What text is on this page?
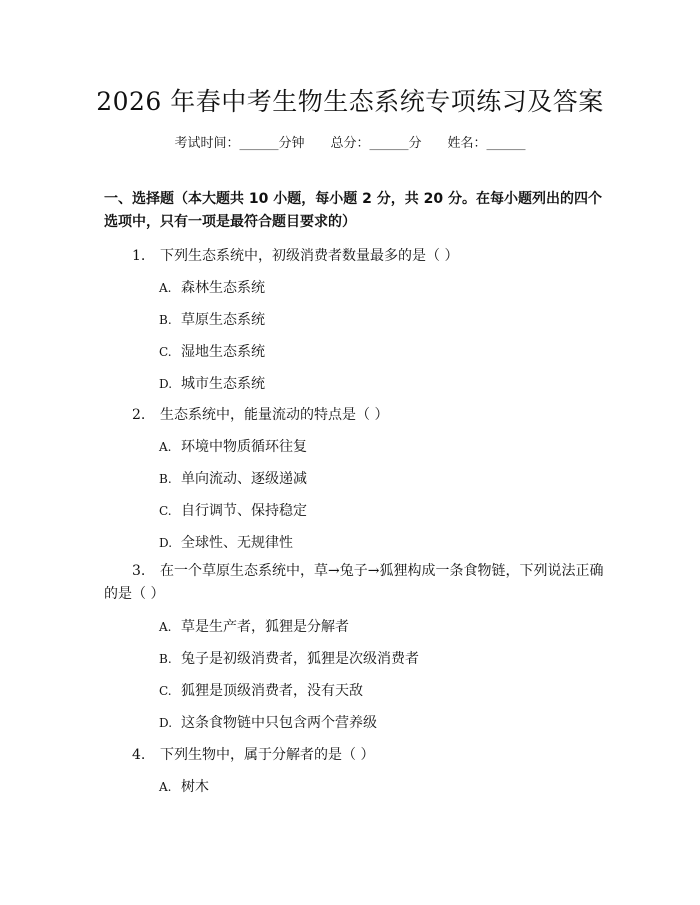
2026 年春中考生物生态系统专项练习及答案
考试时间：______分钟 总分：______分 姓名：______
一、选择题（本大题共 10 小题，每小题 2 分，共 20 分。在每小题列出的四个选项中，只有一项是最符合题目要求的）
1. 下列生态系统中，初级消费者数量最多的是（ ）
A. 森林生态系统
B. 草原生态系统
C. 湿地生态系统
D. 城市生态系统
2. 生态系统中，能量流动的特点是（ ）
A. 环境中物质循环往复
B. 单向流动、逐级递减
C. 自行调节、保持稳定
D. 全球性、无规律性
3. 在一个草原生态系统中，草→兔子→狐狸构成一条食物链，下列说法正确的是（ ）
A. 草是生产者，狐狸是分解者
B. 兔子是初级消费者，狐狸是次级消费者
C. 狐狸是顶级消费者，没有天敌
D. 这条食物链中只包含两个营养级
4. 下列生物中，属于分解者的是（ ）
A. 树木
